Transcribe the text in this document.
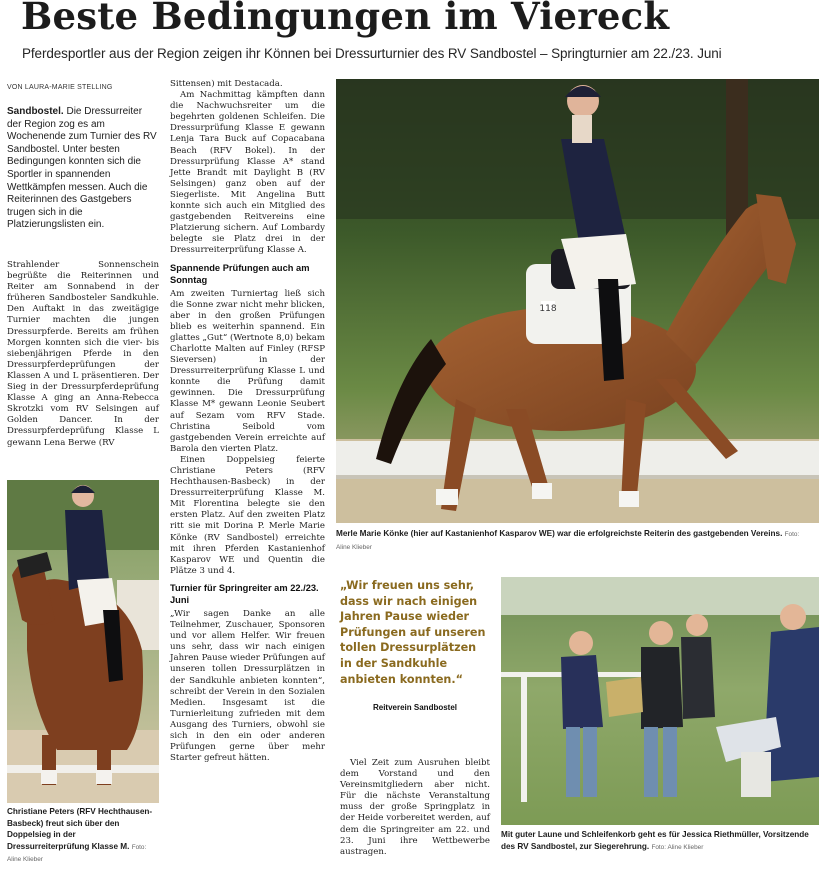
Beste Bedingungen im Viereck
Pferdesportler aus der Region zeigen ihr Können bei Dressurturnier des RV Sandbostel – Springturnier am 22./23. Juni
VON LAURA-MARIE STELLING
Sandbostel. Die Dressurreiter der Region zog es am Wochenende zum Turnier des RV Sandbostel. Unter besten Bedingungen konnten sich die Sportler in spannenden Wettkämpfen messen. Auch die Reiterinnen des Gastgebers trugen sich in die Platzierungslisten ein.

Strahlender Sonnenschein begrüßte die Reiterinnen und Reiter am Sonnabend in der früheren Sandbosteler Sandkuhle. Den Auftakt in das zweitägige Turnier machten die jungen Dressurpferde. Bereits am frühen Morgen konnten sich die vier- bis siebenjährigen Pferde in den Dressurpferdeprüfungen der Klassen A und L präsentieren. Der Sieg in der Dressurpferdeprüfung Klasse A ging an Anna-Rebecca Skrotzki vom RV Selsingen auf Golden Dancer. In der Dressurpferdeprüfung Klasse L gewann Lena Berwe (RV

Sittensen) mit Destacada.

Am Nachmittag kämpften dann die Nachwuchsreiter um die begehrten goldenen Schleifen. Die Dressurprüfung Klasse E gewann Lenja Tara Buck auf Copacabana Beach (RFV Bokel). In der Dressurprüfung Klasse A* stand Jette Brandt mit Daylight B (RV Selsingen) ganz oben auf der Siegerliste. Mit Angelina Butt konnte sich auch ein Mitglied des gastgebenden Reitvereins eine Platzierung sichern. Auf Lombardy belegte sie Platz drei in der Dressurreiterprüfung Klasse A.

Spannende Prüfungen auch am Sonntag

Am zweiten Turniertag ließ sich die Sonne zwar nicht mehr blicken, aber in den großen Prüfungen blieb es weiterhin spannend. Ein glattes „Gut“ (Wertnote 8,0) bekam Charlotte Malten auf Finley (RFSP Sieversen) in der Dressurreiterprüfung Klasse L und konnte die Prüfung damit gewinnen. Die Dressurprüfung Klasse M* gewann Leonie Seubert auf Sezam vom RFV Stade. Christina Seibold vom gastgebenden Verein erreichte auf Barola den vierten Platz.

Einen Doppelsieg feierte Christiane Peters (RFV Hechthausen-Basbeck) in der Dressurreiterprüfung Klasse M. Mit Florentina belegte sie den ersten Platz. Auf den zweiten Platz ritt sie mit Dorina P. Merle Marie Könke (RV Sandbostel) erreichte mit ihren Pferden Kastanienhof Kasparov WE und Quentin die Plätze 3 und 4.

Turnier für Springreiter am 22./23. Juni

„Wir sagen Danke an alle Teilnehmer, Zuschauer, Sponsoren und vor allem Helfer. Wir freuen uns sehr, dass wir nach einigen Jahren Pause wieder Prüfungen auf unseren tollen Dressurplätzen in der Sandkuhle anbieten konnten“, schreibt der Verein in den Sozialen Medien. Insgesamt ist die Turnierleitung zufrieden mit dem Ausgang des Turniers, obwohl sie sich in den ein oder anderen Prüfungen gerne über mehr Starter gefreut hätten.

118
Merle Marie Könke (hier auf Kastanienhof Kasparov WE) war die erfolgreichste Reiterin des gastgebenden Vereins. Foto: Aline Klieber
Christiane Peters (RFV Hechthausen-Basbeck) freut sich über den Doppelsieg in der Dressurreiterprüfung Klasse M. Foto: Aline Klieber
„Wir freuen uns sehr, dass wir nach einigen Jahren Pause wieder Prüfungen auf unseren tollen Dressurplätzen in der Sandkuhle anbieten konnten.“
Reitverein Sandbostel

Viel Zeit zum Ausruhen bleibt dem Vorstand und den Vereinsmitgliedern aber nicht. Für die nächste Veranstaltung muss der große Springplatz in der Heide vorbereitet werden, auf dem die Springreiter am 22. und 23. Juni ihre Wettbewerbe austragen.

Mit guter Laune und Schleifenkorb geht es für Jessica Riethmüller, Vorsitzende des RV Sandbostel, zur Siegerehrung. Foto: Aline Klieber
